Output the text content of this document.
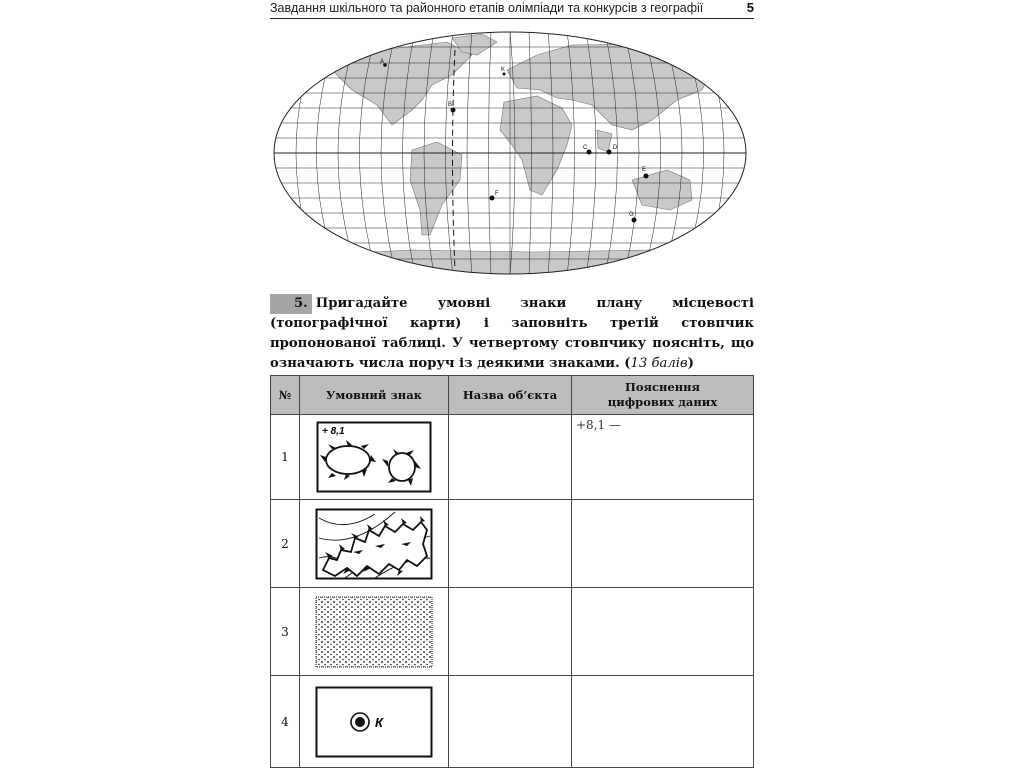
Завдання шкільного та районного етапів олімпіади та конкурсів з географії	5
A
B
C	D
E
F
G
K
5. Пригадайте умовні знаки плану місцевості (топографічної карти) і заповніть третій стовпчик пропонованої таблиці. У четвертому стовпчику поясніть, що означають числа поруч із деякими знаками. (13 балів)
№	Умовний знак	Назва об’єкта	Пояснення цифрових даних
1	+ 8,1		+8,1 —
2	

3	

4	К		
